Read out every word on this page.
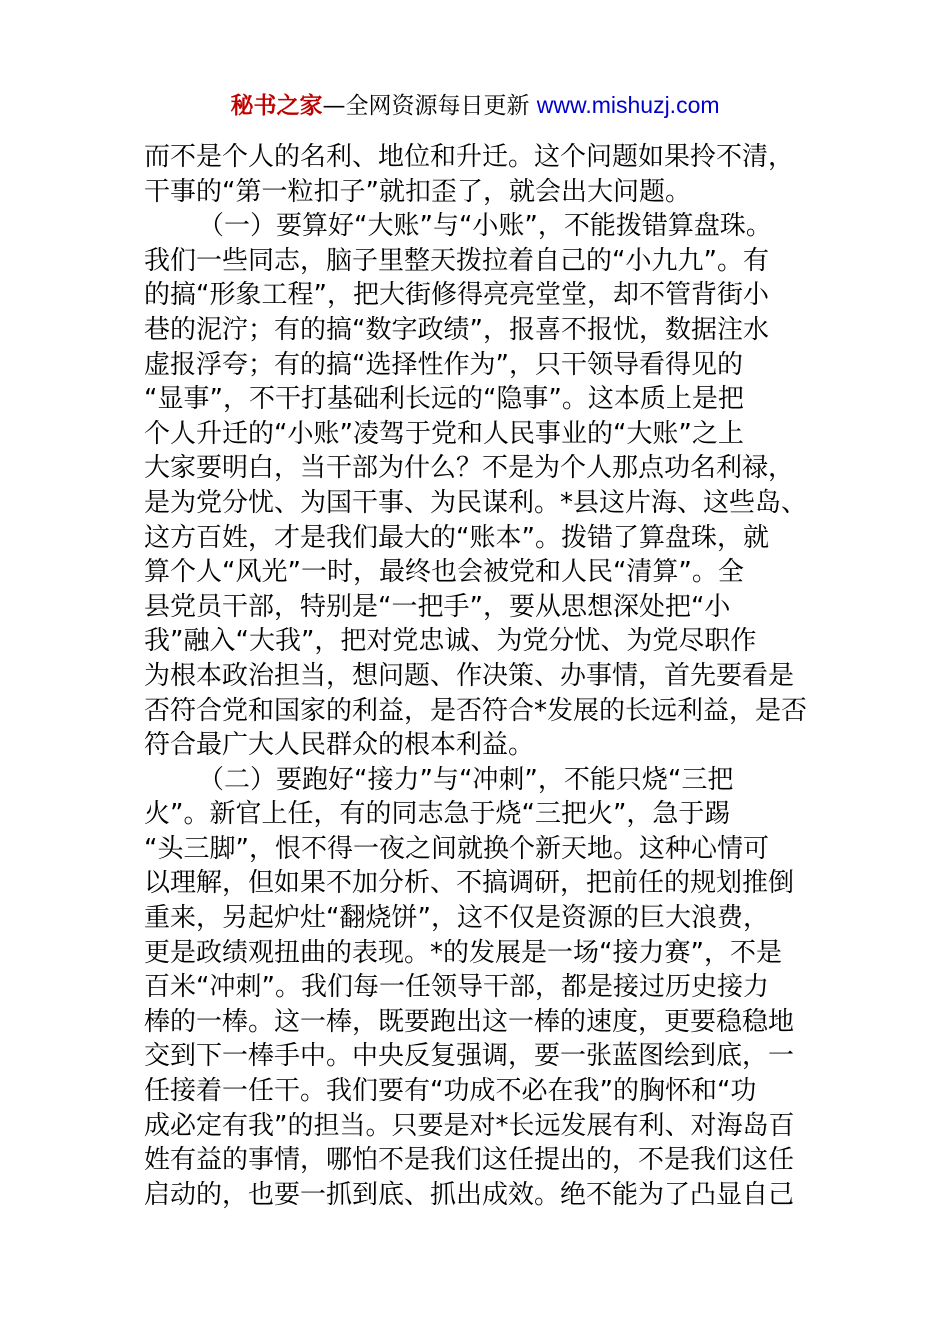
秘书之家—全网资源每日更新 www.mishuzj.com
而不是个人的名利、地位和升迁。这个问题如果拎不清，
干事的“第一粒扣子”就扣歪了，就会出大问题。
（一）要算好“大账”与“小账”，不能拨错算盘珠。
我们一些同志，脑子里整天拨拉着自己的“小九九”。有
的搞“形象工程”，把大街修得亮亮堂堂，却不管背街小
巷的泥泞；有的搞“数字政绩”，报喜不报忧，数据注水
虚报浮夸；有的搞“选择性作为”，只干领导看得见的
“显事”，不干打基础利长远的“隐事”。这本质上是把
个人升迁的“小账”凌驾于党和人民事业的“大账”之上
大家要明白，当干部为什么？不是为个人那点功名利禄，
是为党分忧、为国干事、为民谋利。*县这片海、这些岛、
这方百姓，才是我们最大的“账本”。拨错了算盘珠，就
算个人“风光”一时，最终也会被党和人民“清算”。全
县党员干部，特别是“一把手”，要从思想深处把“小
我”融入“大我”，把对党忠诚、为党分忧、为党尽职作
为根本政治担当，想问题、作决策、办事情，首先要看是
否符合党和国家的利益，是否符合*发展的长远利益，是否
符合最广大人民群众的根本利益。
（二）要跑好“接力”与“冲刺”，不能只烧“三把
火”。新官上任，有的同志急于烧“三把火”，急于踢
“头三脚”，恨不得一夜之间就换个新天地。这种心情可
以理解，但如果不加分析、不搞调研，把前任的规划推倒
重来，另起炉灶“翻烧饼”，这不仅是资源的巨大浪费，
更是政绩观扭曲的表现。*的发展是一场“接力赛”，不是
百米“冲刺”。我们每一任领导干部，都是接过历史接力
棒的一棒。这一棒，既要跑出这一棒的速度，更要稳稳地
交到下一棒手中。中央反复强调，要一张蓝图绘到底，一
任接着一任干。我们要有“功成不必在我”的胸怀和“功
成必定有我”的担当。只要是对*长远发展有利、对海岛百
姓有益的事情，哪怕不是我们这任提出的，不是我们这任
启动的，也要一抓到底、抓出成效。绝不能为了凸显自己
